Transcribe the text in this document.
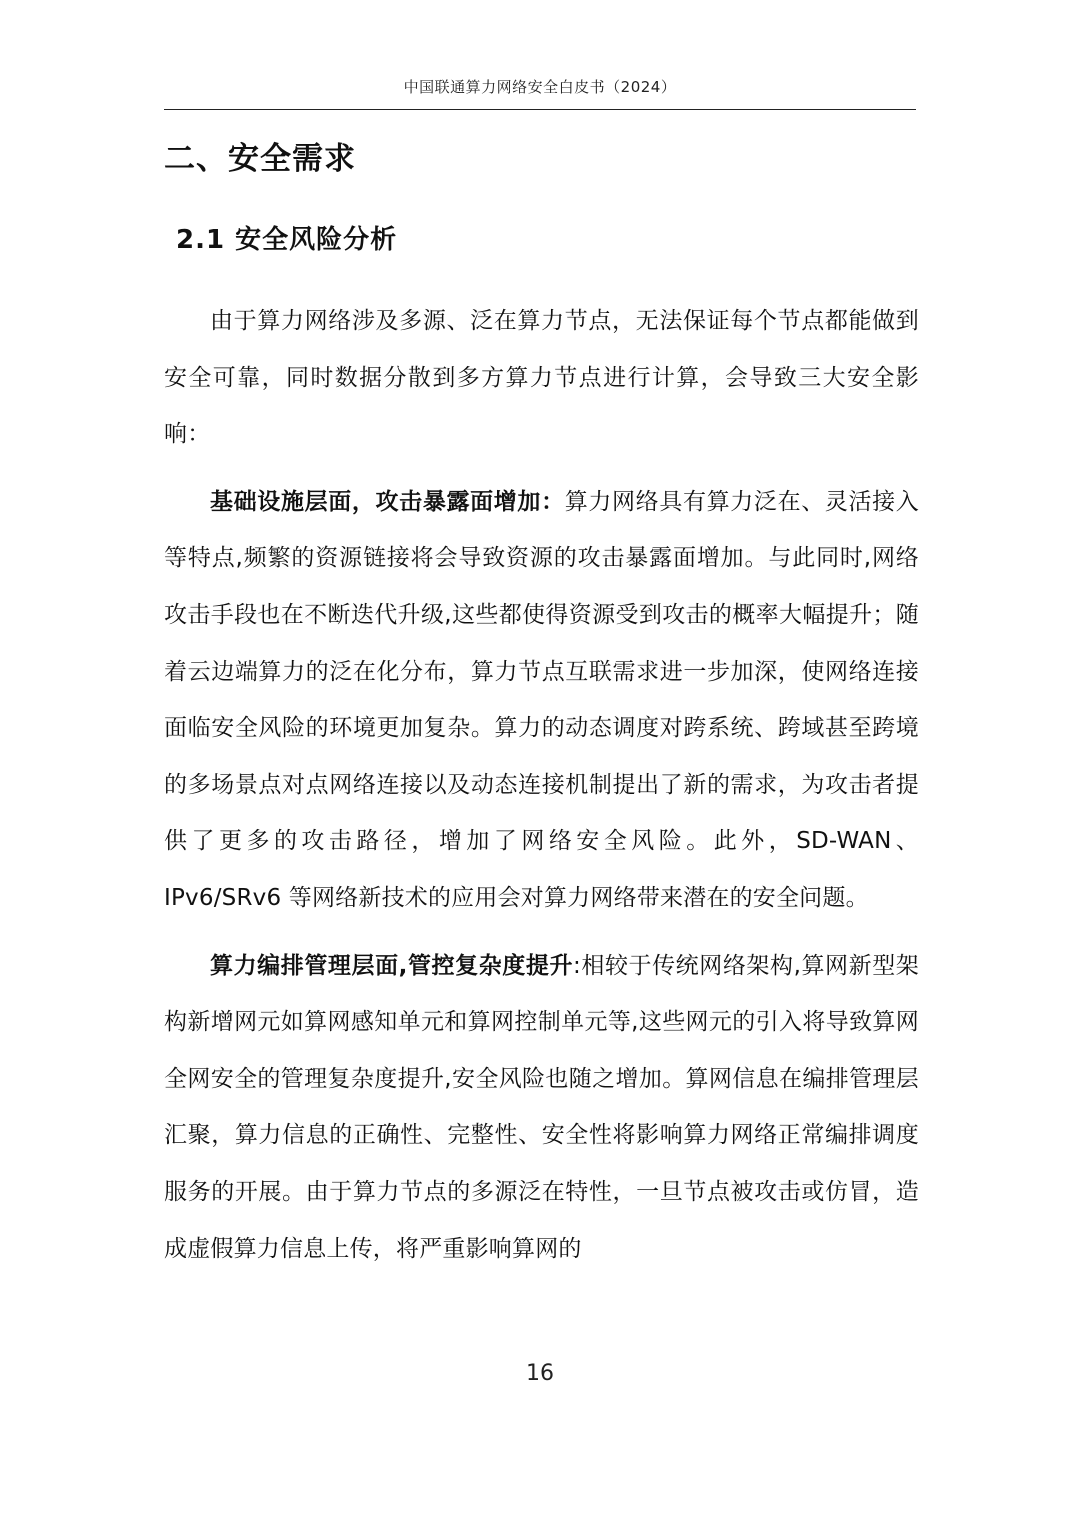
中国联通算力网络安全白皮书（2024）
二、安全需求
2.1 安全风险分析

由于算力网络涉及多源、泛在算力节点，无法保证每个节点都能做到安全可靠，同时数据分散到多方算力节点进行计算，会导致三大安全影响：

基础设施层面，攻击暴露面增加：算力网络具有算力泛在、灵活接入等特点,频繁的资源链接将会导致资源的攻击暴露面增加。与此同时,网络攻击手段也在不断迭代升级,这些都使得资源受到攻击的概率大幅提升；随着云边端算力的泛在化分布，算力节点互联需求进一步加深，使网络连接面临安全风险的环境更加复杂。算力的动态调度对跨系统、跨域甚至跨境的多场景点对点网络连接以及动态连接机制提出了新的需求，为攻击者提供了更多的攻击路径，增加了网络安全风险。此外，SD-WAN、IPv6/SRv6 等网络新技术的应用会对算力网络带来潜在的安全问题。

算力编排管理层面,管控复杂度提升:相较于传统网络架构,算网新型架构新增网元如算网感知单元和算网控制单元等,这些网元的引入将导致算网全网安全的管理复杂度提升,安全风险也随之增加。算网信息在编排管理层汇聚，算力信息的正确性、完整性、安全性将影响算力网络正常编排调度服务的开展。由于算力节点的多源泛在特性，一旦节点被攻击或仿冒，造成虚假算力信息上传，将严重影响算网的

16
